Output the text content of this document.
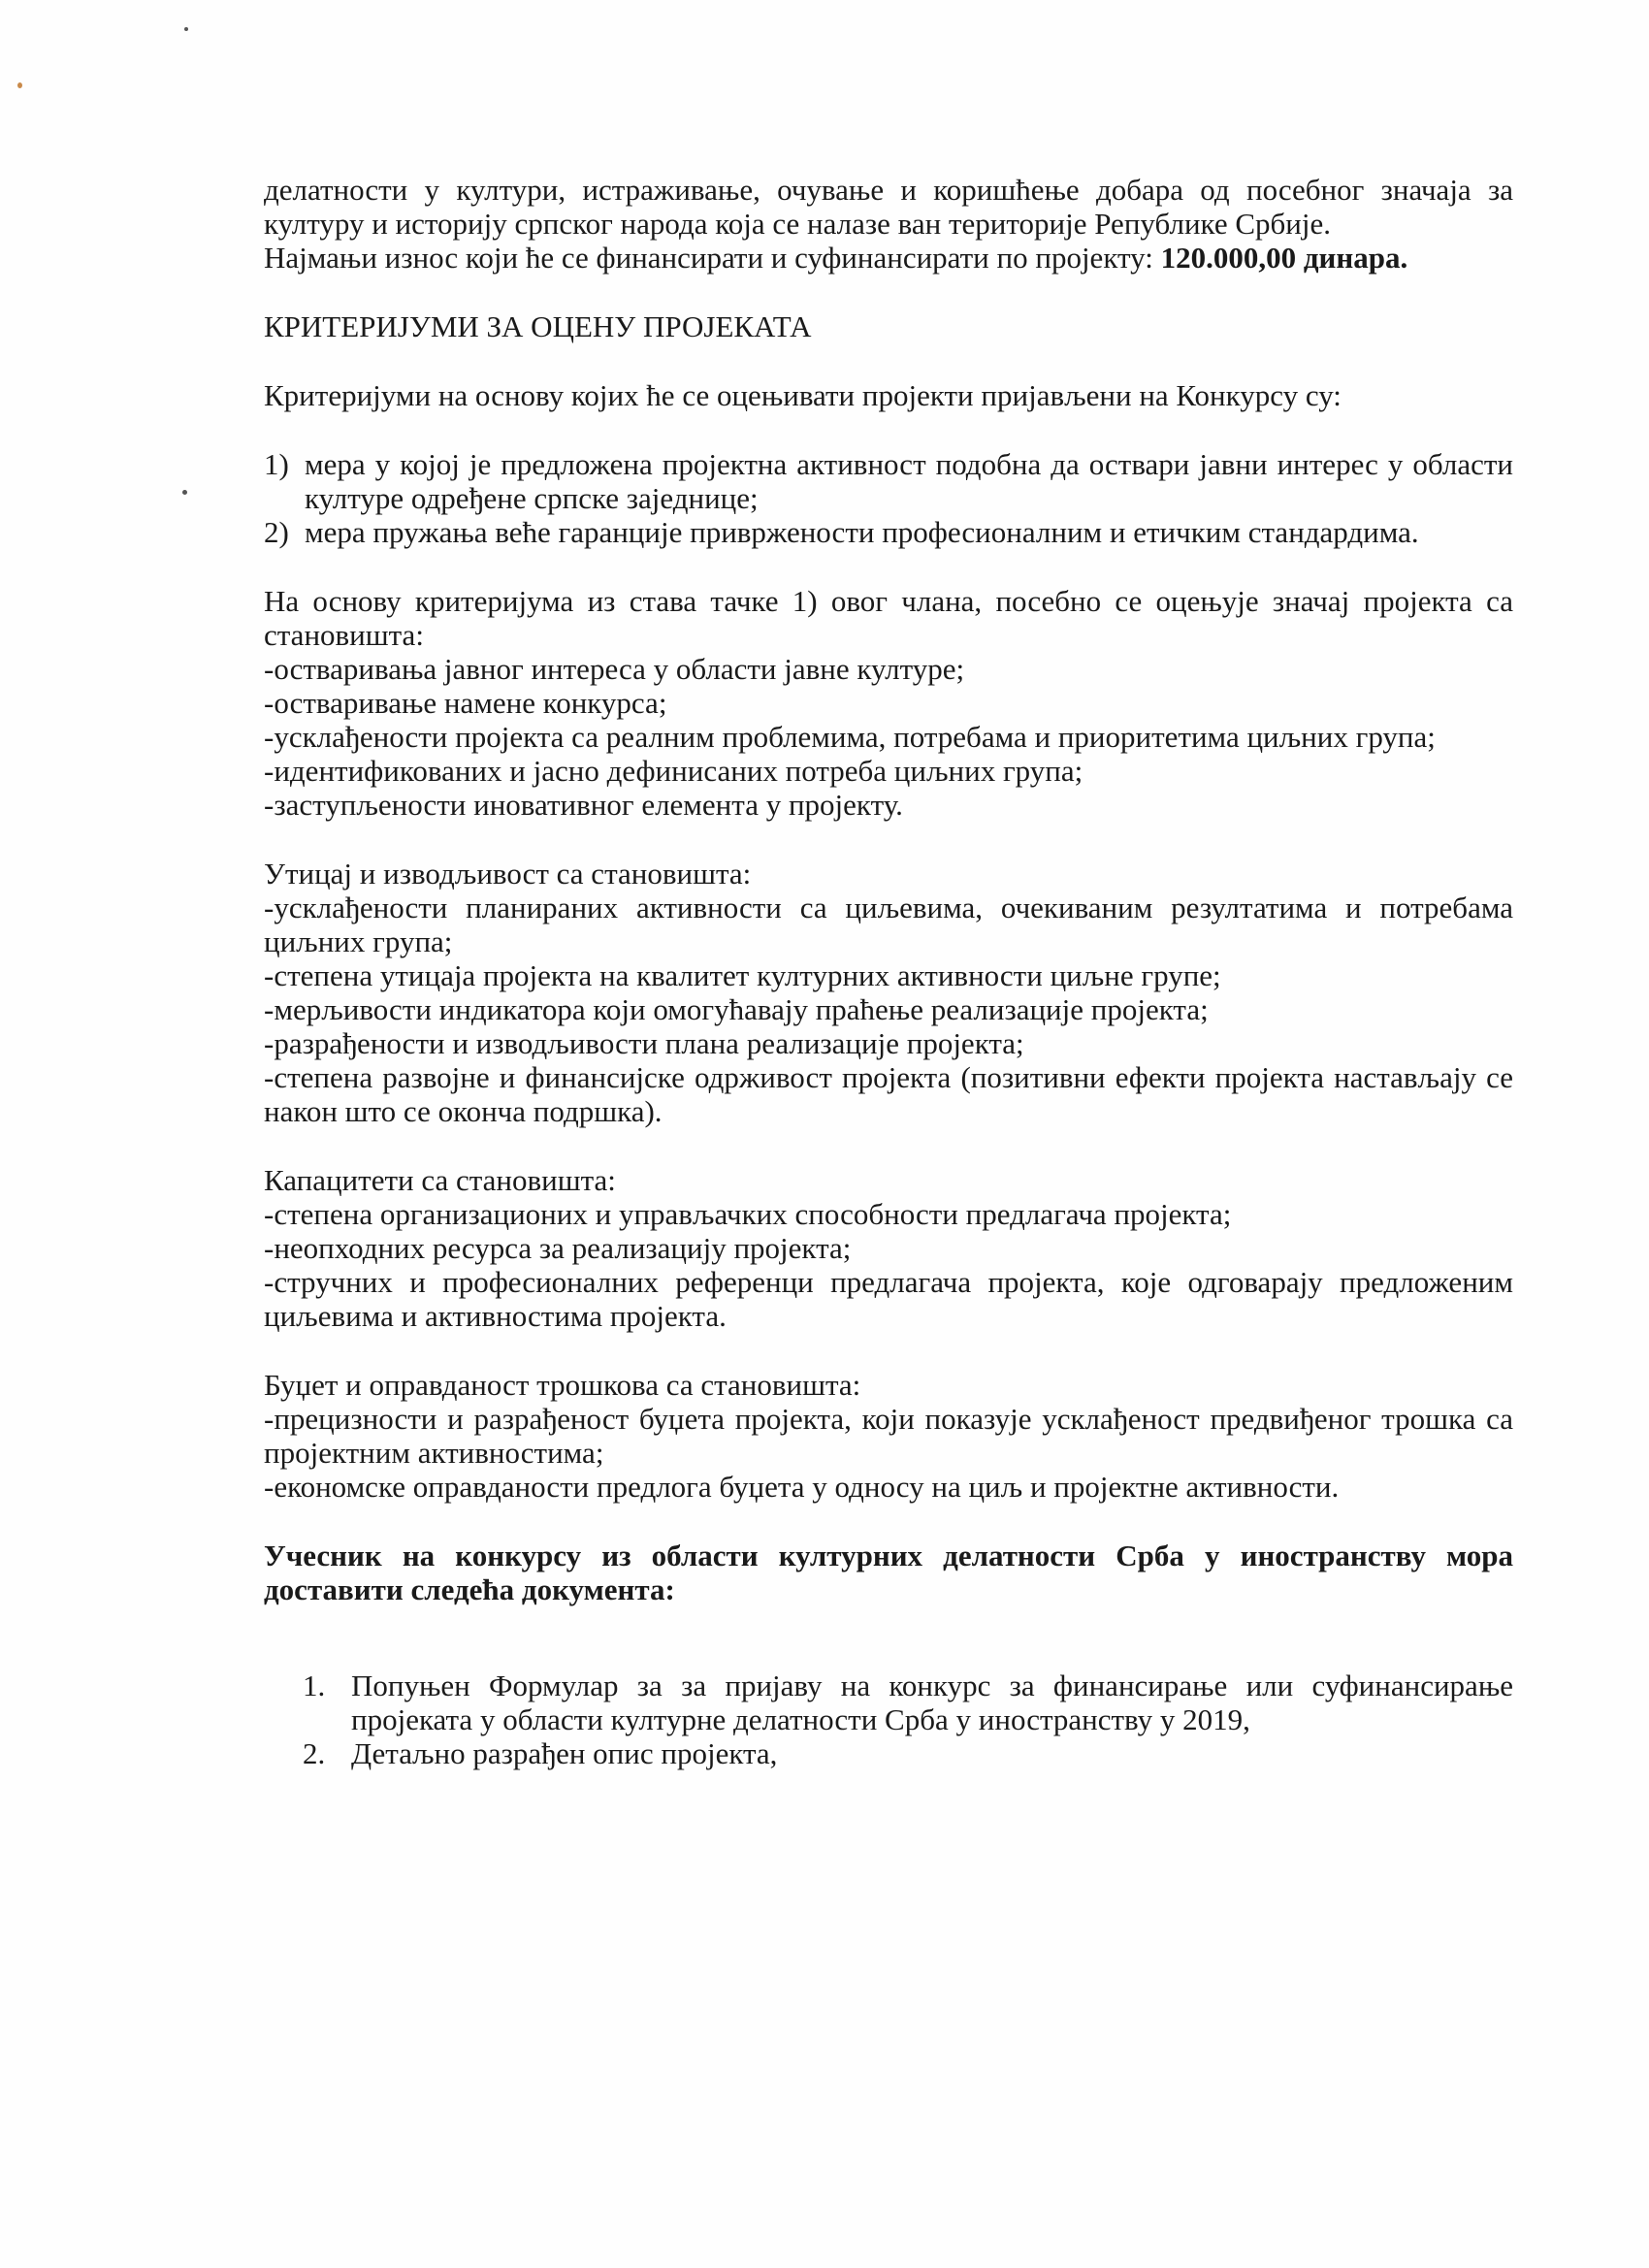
делатности у култури, истраживање, очување и коришћење добара од посебног значаја за

културу и историју српског народа која се налазе ван територије Републике Србије.

Најмањи износ који ће се финансирати и суфинансирати по пројекту: 120.000,00 динара.

КРИТЕРИЈУМИ ЗА ОЦЕНУ ПРОЈЕКАТА

Критеријуми на основу којих ће се оцењивати пројекти пријављени на Конкурсу су:

1) мера у којој је предложена пројектна активност подобна да оствари јавни интерес у области културе одређене српске заједнице;
2) мера пружања веће гаранције привржености професионалним и етичким стандардима.

На основу критеријума из става тачке 1) овог члана, посебно се оцењује значај пројекта са становишта:

-остваривања јавног интереса у области јавне културе;

-остваривање намене конкурса;

-усклађености пројекта са реалним проблемима, потребама и приоритетима циљних група;

-идентификованих и јасно дефинисаних потреба циљних група;

-заступљености иновативног елемента у пројекту.

Утицај и изводљивост са становишта:

-усклађености планираних активности са циљевима, очекиваним резултатима и потребама циљних група;

-степена утицаја пројекта на квалитет културних активности циљне групе;

-мерљивости индикатора који омогућавају праћење реализације пројекта;

-разрађености и изводљивости плана реализације пројекта;

-степена развојне и финансијске одрживост пројекта (позитивни ефекти пројекта настављају се након што се оконча подршка).

Капацитети са становишта:

-степена организационих и управљачких способности предлагача пројекта;

-неопходних ресурса за реализацију пројекта;

-стручних и професионалних референци предлагача пројекта, које одговарају предложеним циљевима и активностима пројекта.

Буџет и оправданост трошкова са становишта:

-прецизности и разрађеност буџета пројекта, који показује усклађеност предвиђеног трошка са пројектним активностима;

-економске оправданости предлога буџета у односу на циљ и пројектне активности.

Учесник на конкурсу из области културних делатности Срба у иностранству мора доставити следећа документа:

1. Попуњен Формулар за за пријаву на конкурс за финансирање или суфинансирање пројеката у области културне делатности Срба у иностранству у 2019,
2. Детаљно разрађен опис пројекта,
